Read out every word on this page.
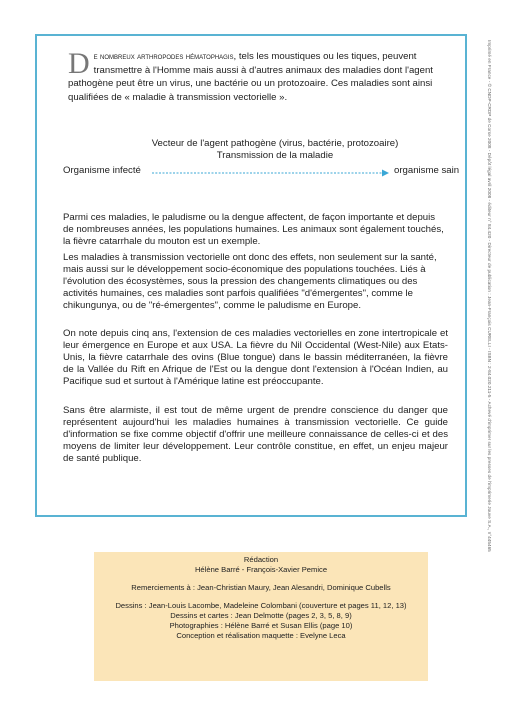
Imprimé en France - © CNDP-CRDP de Corse 2008 - Dépôt légal avril 2008 - éditeur n° 84.420 - Directeur de publication : Jean-François CURELLI - ISBN : 2-84.020.211-5 - Achevé d'imprimer sur les presses de l'imprimerie Jouve S.A., n°445465
De nombreux arthropodes hématophagis, tels les moustiques ou les tiques, peuvent transmettre à l'Homme mais aussi à d'autres animaux des maladies dont l'agent pathogène peut être un virus, une bactérie ou un protozoaire. Ces maladies sont ainsi qualifiées de « maladie à transmission vectorielle ».
Vecteur de l'agent pathogène (virus, bactérie, protozoaire)
Transmission de la maladie
Organisme infecté	organisme sain

Parmi ces maladies, le paludisme ou la dengue affectent, de façon importante et depuis de nombreuses années, les populations humaines. Les animaux sont également touchés, la fièvre catarrhale du mouton est un exemple.

Les maladies à transmission vectorielle ont donc des effets, non seulement sur la santé, mais aussi sur le développement socio-économique des populations touchées. Liés à l'évolution des écosystèmes, sous la pression des changements climatiques ou des activités humaines, ces maladies sont parfois qualifiées "d'émergentes", comme le chikungunya, ou de "ré-émergentes", comme le paludisme en Europe.

On note depuis cinq ans, l'extension de ces maladies vectorielles en zone intertropicale et leur émergence en Europe et aux USA. La fièvre du Nil Occidental (West-Nile) aux Etats-Unis, la fièvre catarrhale des ovins (Blue tongue) dans le bassin méditerranéen, la fièvre de la Vallée du Rift en Afrique de l'Est ou la dengue dont l'extension à l'Océan Indien, au Pacifique sud et surtout à l'Amérique latine est préoccupante.

Sans être alarmiste, il est tout de même urgent de prendre conscience du danger que représentent aujourd'hui les maladies humaines à transmission vectorielle. Ce guide d'information se fixe comme objectif d'offrir une meilleure connaissance de celles-ci et des moyens de limiter leur développement. Leur contrôle constitue, en effet, un enjeu majeur de santé publique.

Rédaction
Hélène Barré - François-Xavier Pemice
Remerciements à : Jean-Christian Maury, Jean Alesandri, Dominique Cubells
Dessins : Jean-Louis Lacombe, Madeleine Colombani (couverture et pages 11, 12, 13)
Dessins et cartes : Jean Delmotte (pages 2, 3, 5, 8, 9)
Photographies : Hélène Barré et Susan Ellis (page 10)
Conception et réalisation maquette : Evelyne Leca
